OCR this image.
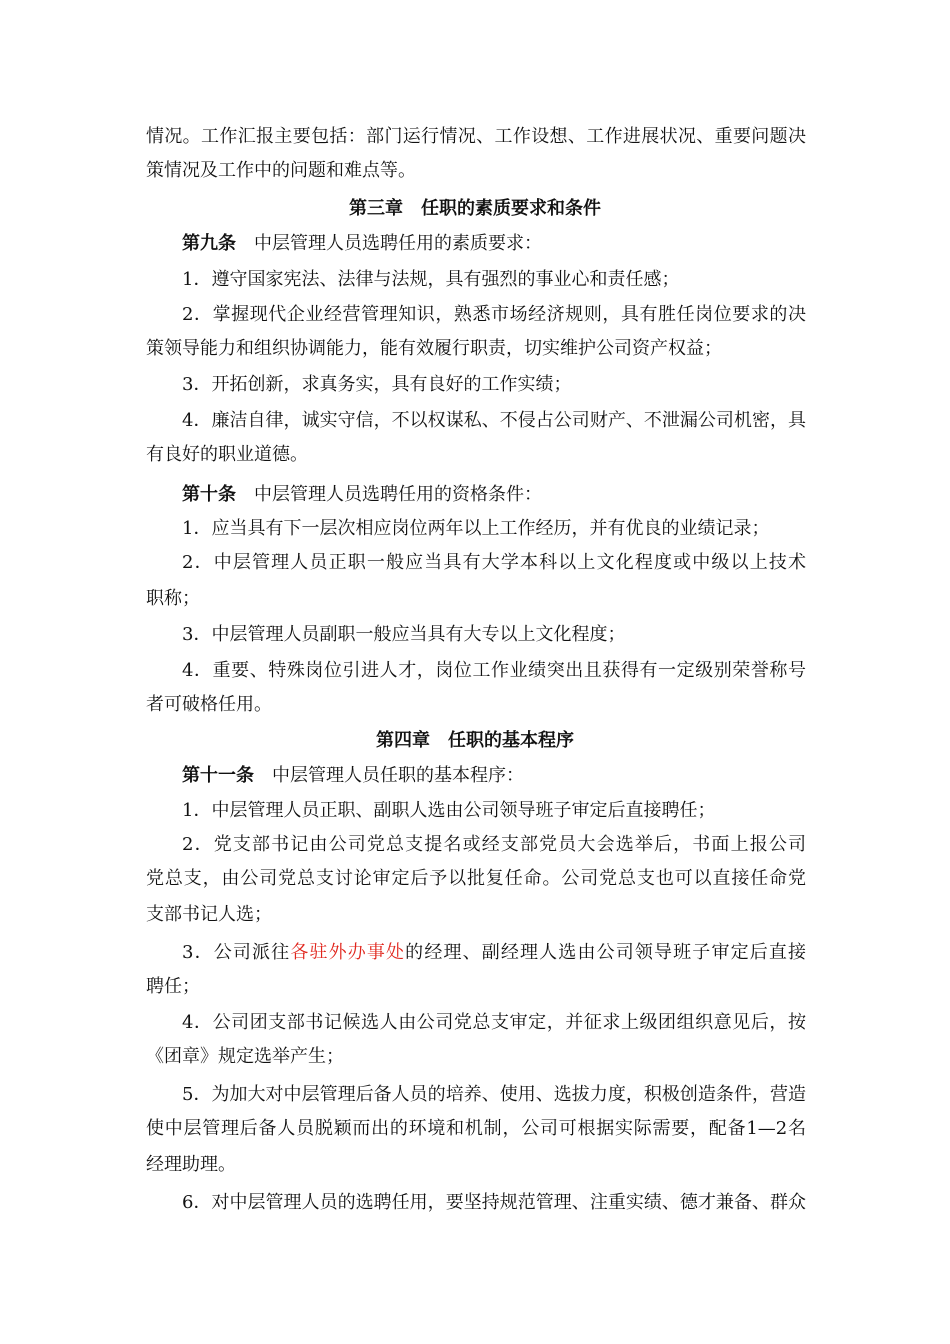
情况。工作汇报主要包括：部门运行情况、工作设想、工作进展状况、重要问题决
策情况及工作中的问题和难点等。
第三章　任职的素质要求和条件
第九条　中层管理人员选聘任用的素质要求：
1．遵守国家宪法、法律与法规，具有强烈的事业心和责任感；
2．掌握现代企业经营管理知识，熟悉市场经济规则，具有胜任岗位要求的决
策领导能力和组织协调能力，能有效履行职责，切实维护公司资产权益；
3．开拓创新，求真务实，具有良好的工作实绩；
4．廉洁自律，诚实守信，不以权谋私、不侵占公司财产、不泄漏公司机密，具
有良好的职业道德。
第十条　中层管理人员选聘任用的资格条件：
1．应当具有下一层次相应岗位两年以上工作经历，并有优良的业绩记录；
2．中层管理人员正职一般应当具有大学本科以上文化程度或中级以上技术
职称；
3．中层管理人员副职一般应当具有大专以上文化程度；
4．重要、特殊岗位引进人才，岗位工作业绩突出且获得有一定级别荣誉称号
者可破格任用。
第四章　任职的基本程序
第十一条　中层管理人员任职的基本程序：
1．中层管理人员正职、副职人选由公司领导班子审定后直接聘任；
2．党支部书记由公司党总支提名或经支部党员大会选举后，书面上报公司
党总支，由公司党总支讨论审定后予以批复任命。公司党总支也可以直接任命党
支部书记人选；
3．公司派往各驻外办事处的经理、副经理人选由公司领导班子审定后直接
聘任；
4．公司团支部书记候选人由公司党总支审定，并征求上级团组织意见后，按
《团章》规定选举产生；
5．为加大对中层管理后备人员的培养、使用、选拔力度，积极创造条件，营造
使中层管理后备人员脱颖而出的环境和机制，公司可根据实际需要，配备1—2名
经理助理。
6．对中层管理人员的选聘任用，要坚持规范管理、注重实绩、德才兼备、群众
